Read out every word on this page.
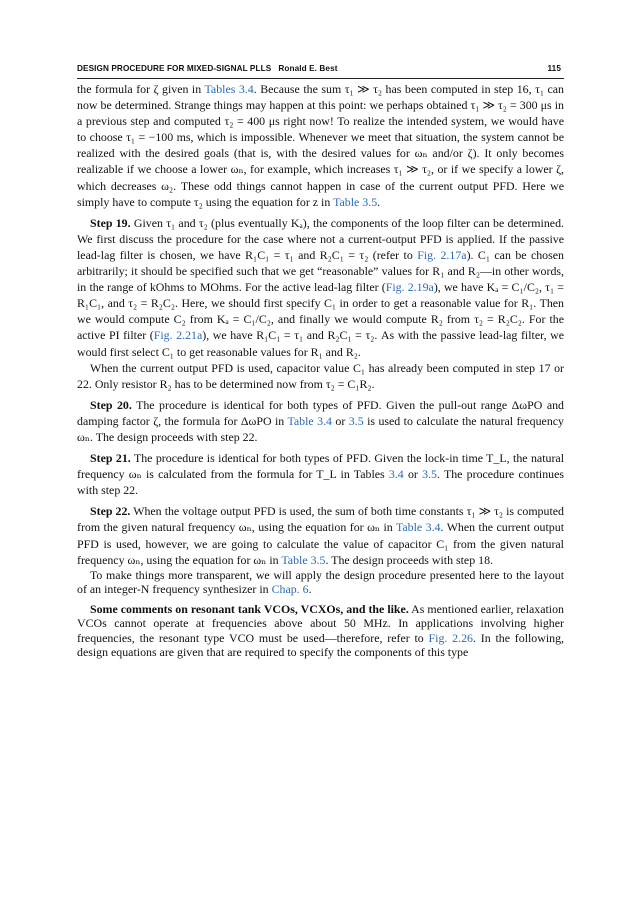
DESIGN PROCEDURE FOR MIXED-SIGNAL PLLS Ronald E. Best	115

the formula for ζ given in Tables 3.4. Because the sum τ₁ ≫ τ₂ has been computed in step 16, τ₁ can now be determined. Strange things may happen at this point: we perhaps obtained τ₁ ≫ τ₂ = 300 μs in a previous step and computed τ₂ = 400 μs right now! To realize the intended system, we would have to choose τ₁ = −100 ms, which is impossible. Whenever we meet that situation, the system cannot be realized with the desired goals (that is, with the desired values for ωₙ and/or ζ). It only becomes realizable if we choose a lower ωₙ, for example, which increases τ₁ ≫ τ₂, or if we specify a lower ζ, which decreases ω₂. These odd things cannot happen in case of the current output PFD. Here we simply have to compute τ₂ using the equation for z in Table 3.5.

Step 19. Given τ₁ and τ₂ (plus eventually Kₐ), the components of the loop filter can be determined. We first discuss the procedure for the case where not a current-output PFD is applied. If the passive lead-lag filter is chosen, we have R₁C₁ = τ₁ and R₂C₁ = τ₂ (refer to Fig. 2.17a). C₁ can be chosen arbitrarily; it should be specified such that we get “reasonable” values for R₁ and R₂—in other words, in the range of kOhms to MOhms. For the active lead-lag filter (Fig. 2.19a), we have Kₐ = C₁/C₂, τ₁ = R₁C₁, and τ₂ = R₂C₂. Here, we should first specify C₁ in order to get a reasonable value for R₁. Then we would compute C₂ from Kₐ = C₁/C₂, and finally we would compute R₂ from τ₂ = R₂C₂. For the active PI filter (Fig. 2.21a), we have R₁C₁ = τ₁ and R₂C₁ = τ₂. As with the passive lead-lag filter, we would first select C₁ to get reasonable values for R₁ and R₂.

When the current output PFD is used, capacitor value C₁ has already been computed in step 17 or 22. Only resistor R₂ has to be determined now from τ₂ = C₁R₂.

Step 20. The procedure is identical for both types of PFD. Given the pull-out range ΔωPO and damping factor ζ, the formula for ΔωPO in Table 3.4 or 3.5 is used to calculate the natural frequency ωₙ. The design proceeds with step 22.

Step 21. The procedure is identical for both types of PFD. Given the lock-in time T_L, the natural frequency ωₙ is calculated from the formula for T_L in Tables 3.4 or 3.5. The procedure continues with step 22.

Step 22. When the voltage output PFD is used, the sum of both time constants τ₁ ≫ τ₂ is computed from the given natural frequency ωₙ, using the equation for ωₙ in Table 3.4. When the current output PFD is used, however, we are going to calculate the value of capacitor C₁ from the given natural frequency ωₙ, using the equation for ωₙ in Table 3.5. The design proceeds with step 18.

To make things more transparent, we will apply the design procedure presented here to the layout of an integer-N frequency synthesizer in Chap. 6.

Some comments on resonant tank VCOs, VCXOs, and the like. As mentioned earlier, relaxation VCOs cannot operate at frequencies above about 50 MHz. In applications involving higher frequencies, the resonant type VCO must be used—therefore, refer to Fig. 2.26. In the following, design equations are given that are required to specify the components of this type
